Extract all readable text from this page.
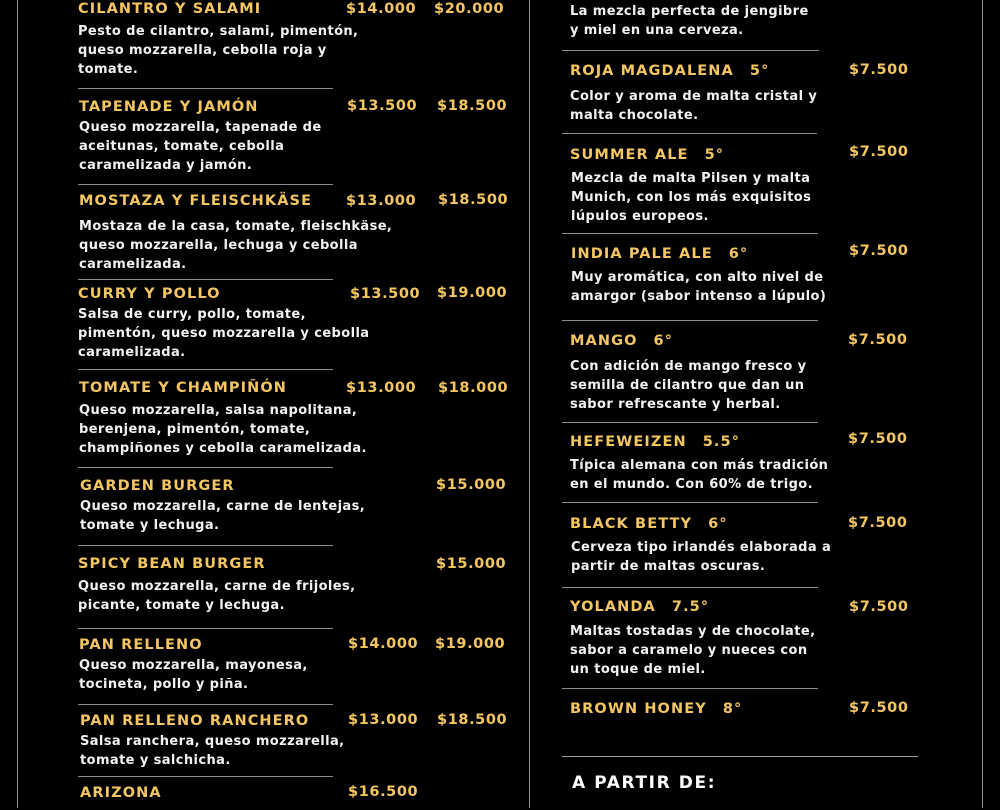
CILANTRO Y SALAMI	$14.000 $20.000
Pesto de cilantro, salami, pimentón,
queso mozzarella, cebolla roja y
tomate.
TAPENADE Y JAMÓN	$13.500 $18.500
Queso mozzarella, tapenade de
aceitunas, tomate, cebolla
caramelizada y jamón.
MOSTAZA Y FLEISCHKÄSE $13.000 $18.500
Mostaza de la casa, tomate, fleischkäse,
queso mozzarella, lechuga y cebolla
caramelizada.
CURRY Y POLLO	$13.500 $19.000
Salsa de curry, pollo, tomate,
pimentón, queso mozzarella y cebolla
caramelizada.
TOMATE Y CHAMPIÑÓN	$13.000 $18.000
Queso mozzarella, salsa napolitana,
berenjena, pimentón, tomate,
champiñones y cebolla caramelizada.
GARDEN BURGER	$15.000
Queso mozzarella, carne de lentejas,
tomate y lechuga.
SPICY BEAN BURGER	$15.000
Queso mozzarella, carne de frijoles,
picante, tomate y lechuga.
PAN RELLENO	$14.000 $19.000
Queso mozzarella, mayonesa,
tocineta, pollo y piña.
PAN RELLENO RANCHERO	$13.000 $18.500
Salsa ranchera, queso mozzarella,
tomate y salchicha.
ARIZONA	$16.500
La mezcla perfecta de jengibre
y miel en una cerveza.
ROJA MAGDALENA 5°	$7.500
Color y aroma de malta cristal y
malta chocolate.
SUMMER ALE 5°	$7.500
Mezcla de malta Pilsen y malta
Munich, con los más exquisitos
lúpulos europeos.
INDIA PALE ALE 6°	$7.500
Muy aromática, con alto nivel de
amargor (sabor intenso a lúpulo)
MANGO 6°	$7.500
Con adición de mango fresco y
semilla de cilantro que dan un
sabor refrescante y herbal.
HEFEWEIZEN 5.5°	$7.500
Típica alemana con más tradición
en el mundo. Con 60% de trigo.
BLACK BETTY 6°	$7.500
Cerveza tipo irlandés elaborada a
partir de maltas oscuras.
YOLANDA 7.5°	$7.500
Maltas tostadas y de chocolate,
sabor a caramelo y nueces con
un toque de miel.
BROWN HONEY 8°	$7.500
A PARTIR DE:
